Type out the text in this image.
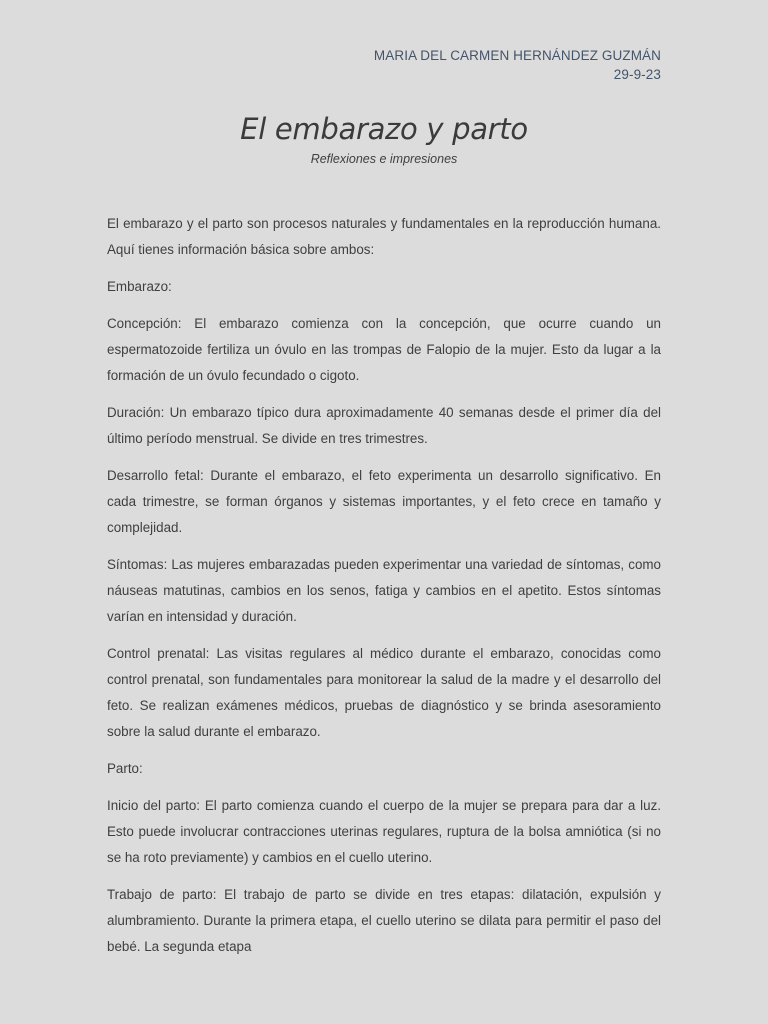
MARIA DEL CARMEN HERNÁNDEZ GUZMÁN
29-9-23
El embarazo y parto
Reflexiones e impresiones

El embarazo y el parto son procesos naturales y fundamentales en la reproducción humana. Aquí tienes información básica sobre ambos:

Embarazo:

Concepción: El embarazo comienza con la concepción, que ocurre cuando un espermatozoide fertiliza un óvulo en las trompas de Falopio de la mujer. Esto da lugar a la formación de un óvulo fecundado o cigoto.

Duración: Un embarazo típico dura aproximadamente 40 semanas desde el primer día del último período menstrual. Se divide en tres trimestres.

Desarrollo fetal: Durante el embarazo, el feto experimenta un desarrollo significativo. En cada trimestre, se forman órganos y sistemas importantes, y el feto crece en tamaño y complejidad.

Síntomas: Las mujeres embarazadas pueden experimentar una variedad de síntomas, como náuseas matutinas, cambios en los senos, fatiga y cambios en el apetito. Estos síntomas varían en intensidad y duración.

Control prenatal: Las visitas regulares al médico durante el embarazo, conocidas como control prenatal, son fundamentales para monitorear la salud de la madre y el desarrollo del feto. Se realizan exámenes médicos, pruebas de diagnóstico y se brinda asesoramiento sobre la salud durante el embarazo.

Parto:

Inicio del parto: El parto comienza cuando el cuerpo de la mujer se prepara para dar a luz. Esto puede involucrar contracciones uterinas regulares, ruptura de la bolsa amniótica (si no se ha roto previamente) y cambios en el cuello uterino.

Trabajo de parto: El trabajo de parto se divide en tres etapas: dilatación, expulsión y alumbramiento. Durante la primera etapa, el cuello uterino se dilata para permitir el paso del bebé. La segunda etapa
